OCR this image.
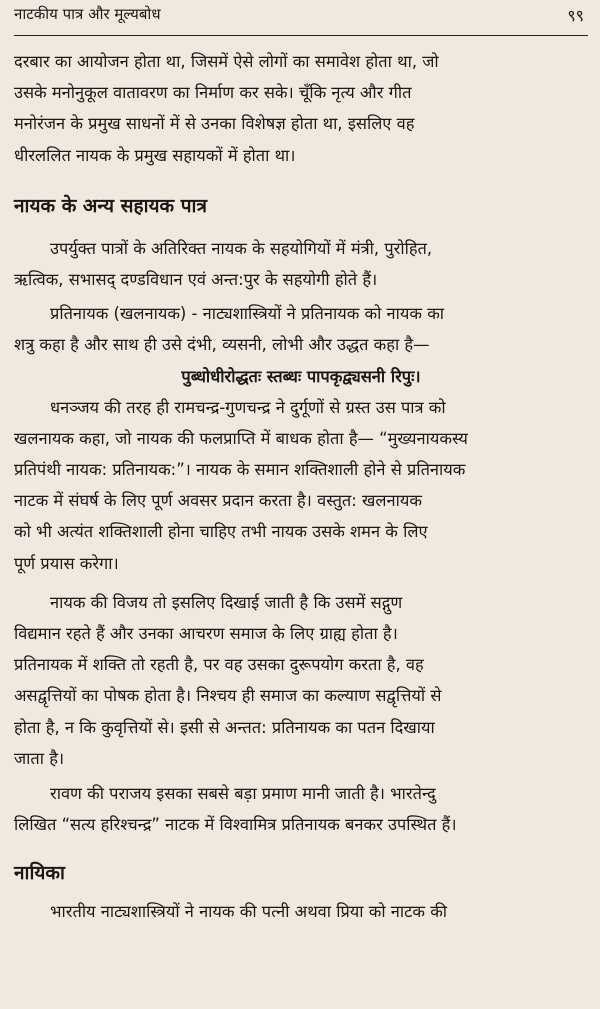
नाटकीय पात्र और मूल्यबोध	९९

दरबार का आयोजन होता था, जिसमें ऐसे लोगों का समावेश होता था, जो
उसके मनोनुकूल वातावरण का निर्माण कर सके। चूँकि नृत्य और गीत
मनोरंजन के प्रमुख साधनों में से उनका विशेषज्ञ होता था, इसलिए वह
धीरललित नायक के प्रमुख सहायकों में होता था।

नायक के अन्य सहायक पात्र

उपर्युक्त पात्रों के अतिरिक्त नायक के सहयोगियों में मंत्री, पुरोहित,
ऋत्विक, सभासद् दण्डविधान एवं अन्त:पुर के सहयोगी होते हैं।

प्रतिनायक (खलनायक) - नाट्यशास्त्रियों ने प्रतिनायक को नायक का
शत्रु कहा है और साथ ही उसे दंभी, व्यसनी, लोभी और उद्धत कहा है—

पुब्धोधीरोद्धतः स्तब्धः पापकृद्व्यसनी रिपुः।

धनञ्जय की तरह ही रामचन्द्र-गुणचन्द्र ने दुर्गूणों से ग्रस्त उस पात्र को
खलनायक कहा, जो नायक की फलप्राप्ति में बाधक होता है— “मुख्यनायकस्य
प्रतिपंथी नायक: प्रतिनायक:”। नायक के समान शक्तिशाली होने से प्रतिनायक
नाटक में संघर्ष के लिए पूर्ण अवसर प्रदान करता है। वस्तुत: खलनायक
को भी अत्यंत शक्तिशाली होना चाहिए तभी नायक उसके शमन के लिए
पूर्ण प्रयास करेगा।

नायक की विजय तो इसलिए दिखाई जाती है कि उसमें सद्गुण
विद्यमान रहते हैं और उनका आचरण समाज के लिए ग्राह्य होता है।
प्रतिनायक में शक्ति तो रहती है, पर वह उसका दुरूपयोग करता है, वह
असद्वृत्तियों का पोषक होता है। निश्चय ही समाज का कल्याण सद्वृत्तियों से
होता है, न कि कुवृत्तियों से। इसी से अन्तत: प्रतिनायक का पतन दिखाया
जाता है।

रावण की पराजय इसका सबसे बड़ा प्रमाण मानी जाती है। भारतेन्दु
लिखित “सत्य हरिश्चन्द्र” नाटक में विश्वामित्र प्रतिनायक बनकर उपस्थित हैं।

नायिका

भारतीय नाट्यशास्त्रियों ने नायक की पत्नी अथवा प्रिया को नाटक की
